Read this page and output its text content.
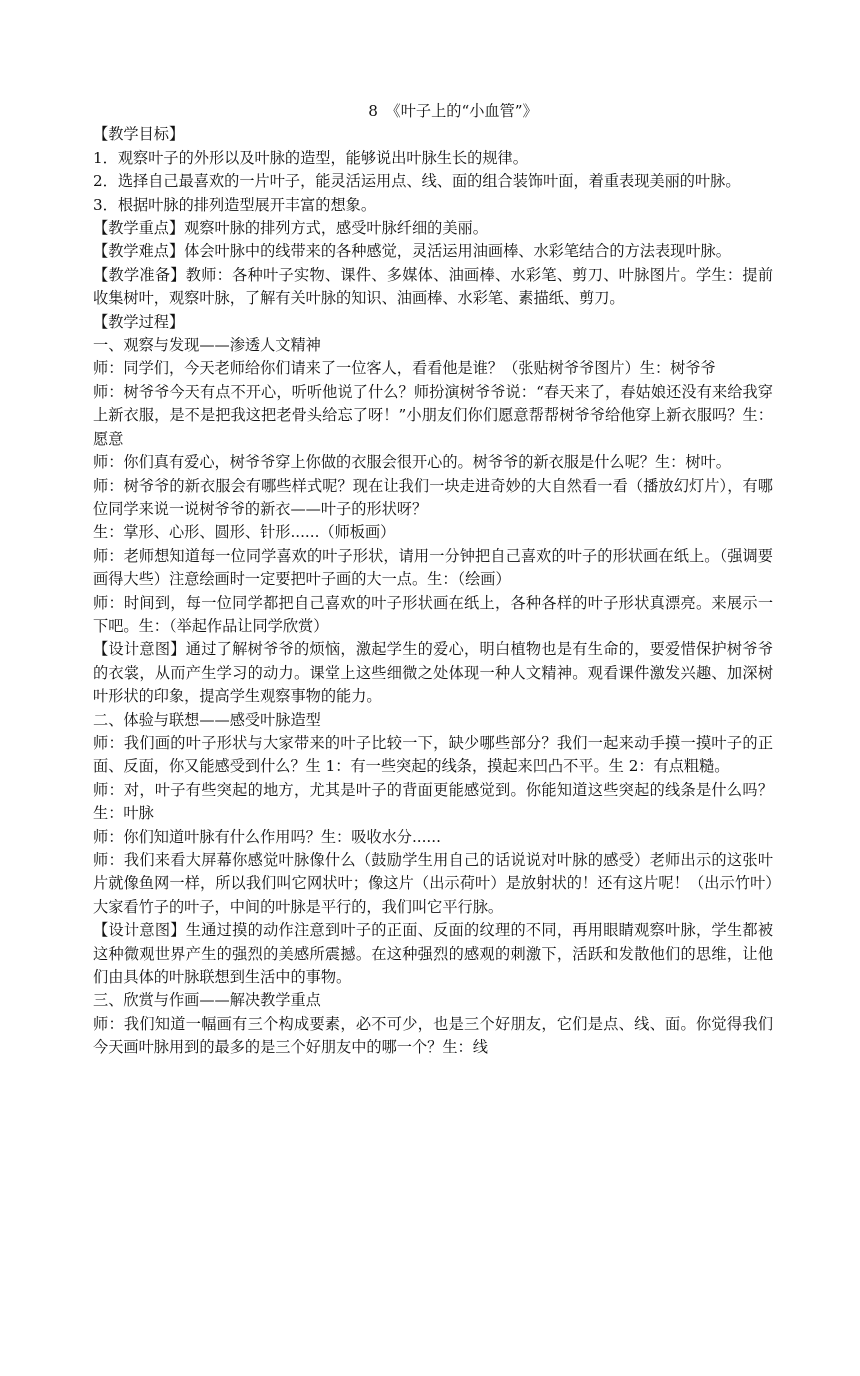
8　《叶子上的“小血管”》

【教学目标】

1．观察叶子的外形以及叶脉的造型，能够说出叶脉生长的规律。

2．选择自己最喜欢的一片叶子，能灵活运用点、线、面的组合装饰叶面，着重表现美丽的叶脉。

3．根据叶脉的排列造型展开丰富的想象。

【教学重点】观察叶脉的排列方式，感受叶脉纤细的美丽。

【教学难点】体会叶脉中的线带来的各种感觉，灵活运用油画棒、水彩笔结合的方法表现叶脉。

【教学准备】教师：各种叶子实物、课件、多媒体、油画棒、水彩笔、剪刀、叶脉图片。学生：提前收集树叶，观察叶脉，了解有关叶脉的知识、油画棒、水彩笔、素描纸、剪刀。

【教学过程】

一、观察与发现——渗透人文精神

师：同学们，今天老师给你们请来了一位客人，看看他是谁？（张贴树爷爷图片）生：树爷爷

师：树爷爷今天有点不开心，听听他说了什么？师扮演树爷爷说：“春天来了，春姑娘还没有来给我穿上新衣服，是不是把我这把老骨头给忘了呀！”小朋友们你们愿意帮帮树爷爷给他穿上新衣服吗？生：愿意

师：你们真有爱心，树爷爷穿上你做的衣服会很开心的。树爷爷的新衣服是什么呢？生：树叶。

师：树爷爷的新衣服会有哪些样式呢？现在让我们一块走进奇妙的大自然看一看（播放幻灯片），有哪位同学来说一说树爷爷的新衣——叶子的形状呀？

生：掌形、心形、圆形、针形......（师板画）

师：老师想知道每一位同学喜欢的叶子形状，请用一分钟把自己喜欢的叶子的形状画在纸上。（强调要画得大些）注意绘画时一定要把叶子画的大一点。生：（绘画）

师：时间到，每一位同学都把自己喜欢的叶子形状画在纸上，各种各样的叶子形状真漂亮。来展示一下吧。生：（举起作品让同学欣赏）

【设计意图】通过了解树爷爷的烦恼，激起学生的爱心，明白植物也是有生命的，要爱惜保护树爷爷的衣裳，从而产生学习的动力。课堂上这些细微之处体现一种人文精神。观看课件激发兴趣、加深树叶形状的印象，提高学生观察事物的能力。

二、体验与联想——感受叶脉造型

师：我们画的叶子形状与大家带来的叶子比较一下，缺少哪些部分？我们一起来动手摸一摸叶子的正面、反面，你又能感受到什么？生 1：有一些突起的线条，摸起来凹凸不平。生 2：有点粗糙。

师：对，叶子有些突起的地方，尤其是叶子的背面更能感觉到。你能知道这些突起的线条是什么吗？生：叶脉

师：你们知道叶脉有什么作用吗？生：吸收水分......

师：我们来看大屏幕你感觉叶脉像什么（鼓励学生用自己的话说说对叶脉的感受）老师出示的这张叶片就像鱼网一样，所以我们叫它网状叶；像这片（出示荷叶）是放射状的！还有这片呢！（出示竹叶）大家看竹子的叶子，中间的叶脉是平行的，我们叫它平行脉。

【设计意图】生通过摸的动作注意到叶子的正面、反面的纹理的不同，再用眼睛观察叶脉，学生都被这种微观世界产生的强烈的美感所震撼。在这种强烈的感观的刺激下，活跃和发散他们的思维，让他们由具体的叶脉联想到生活中的事物。

三、欣赏与作画——解决教学重点

师：我们知道一幅画有三个构成要素，必不可少，也是三个好朋友，它们是点、线、面。你觉得我们今天画叶脉用到的最多的是三个好朋友中的哪一个？生：线
